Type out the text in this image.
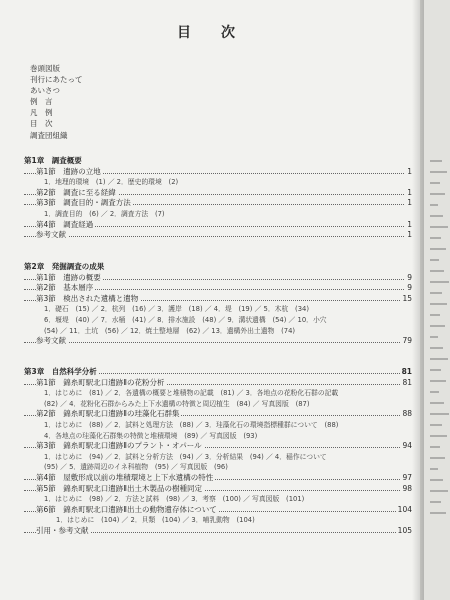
目　次
巻頭図版
刊行にあたって
あいさつ
例　言
凡　例
目　次
調査団組織
第1章　調査概要
第1節　遺跡の立地	1
1．地理的環境　(1) ／ 2．歴史的環境　(2)
第2節　調査に至る経緯	1
第3節　調査目的・調査方法	1
1．調査目的　(6) ／ 2．調査方法　(7)
第4節　調査経過	1
参考文献	1
第2章　発掘調査の成果
第1節　遺跡の概要	9
第2節　基本層序	9
第3節　検出された遺構と遺物	15
1．礎石　(15) ／ 2．杭列　(16) ／ 3．護岸　(18) ／ 4．堤　(19) ／ 5．木杭　(34)
6．堰堤　(40) ／ 7．水桶　(41) ／ 8．排水施設　(48) ／ 9．溝状遺構　(54) ／ 10．小穴
(54) ／ 11．土坑　(56) ／ 12．焼土整地層　(62) ／ 13．遺構外出土遺物　(74)
参考文献	79
第3章　自然科学分析	81
第1節　錦糸町駅北口遺跡Ⅱの花粉分析	81
1．はじめに　(81) ／ 2．各遺構の概要と堆積物の記載　(81) ／ 3．各地点の花粉化石群の記載
(82) ／ 4．花粉化石群からみた上下水遺構の特徴と周辺植生　(84) ／ 写真図版　(87)
第2節　錦糸町駅北口遺跡Ⅱの珪藻化石群集	88
1．はじめに　(88) ／ 2．試料と処理方法　(88) ／ 3．珪藻化石の環境指標種群について　(88)
4．各地点の珪藻化石群集の特徴と堆積環境　(89) ／ 写真図版　(93)
第3節　錦糸町駅北口遺跡Ⅱのプラント・オパール	94
1．はじめに　(94) ／ 2．試料と分析方法　(94) ／ 3．分析結果　(94) ／ 4．稲作について
(95) ／ 5．遺跡周辺のイネ科植物　(95) ／ 写真図版　(96)
第4節　屋敷形成以前の堆積環境と上下水遺構の特性	97
第5節　錦糸町駅北口遺跡Ⅱ出土木製品の樹種同定	98
1．はじめに　(98) ／ 2．方法と試料　(98) ／ 3．考察　(100) ／ 写真図版　(101)
第6節　錦糸町駅北口遺跡Ⅱ出土の動物遺存体について	104
1．はじめに　(104) ／ 2．貝類　(104) ／ 3．哺乳動物　(104)
引用・参考文献	105
